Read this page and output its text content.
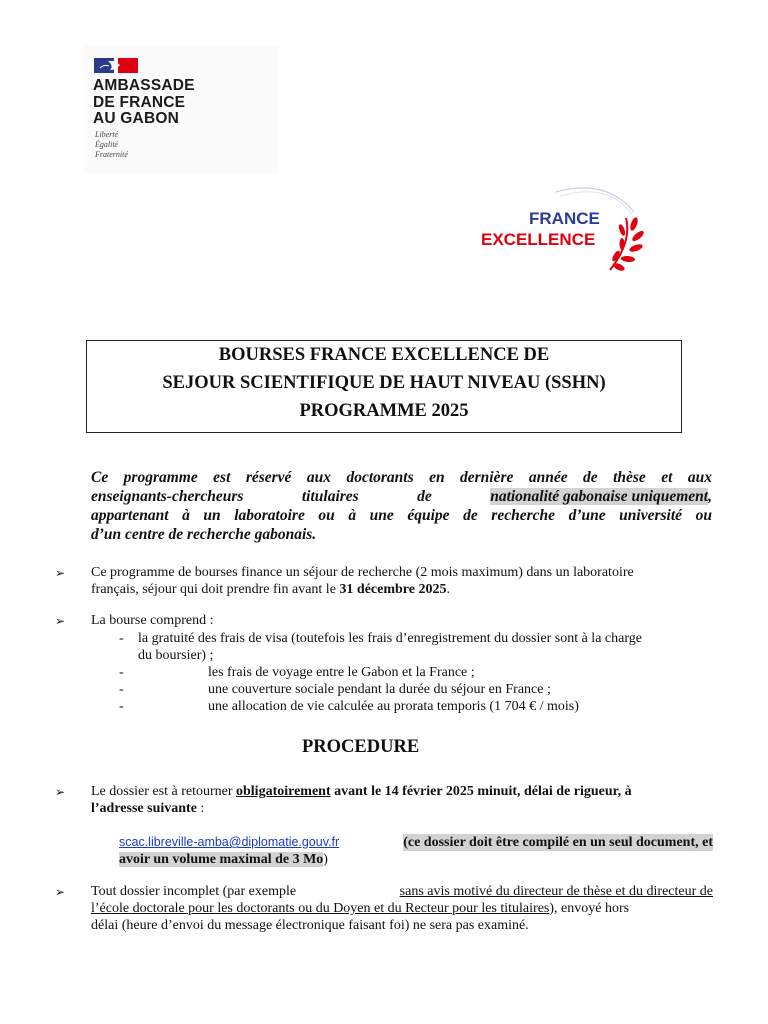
AMBASSADE
DE FRANCE
AU GABON
Liberté
Égalité
Fraternité
FRANCE
EXCELLENCE
BOURSES FRANCE EXCELLENCE DE
SEJOUR SCIENTIFIQUE DE HAUT NIVEAU (SSHN)
PROGRAMME 2025
Ce programme est réservé aux doctorants en dernière année de thèse et aux
enseignants-chercheurs	titulaires	de	nationalité gabonaise uniquement,
appartenant à un laboratoire ou à une équipe de recherche d’une université ou
d’un centre de recherche gabonais.
➢ Ce programme de bourses finance un séjour de recherche (2 mois maximum) dans un laboratoire
français, séjour qui doit prendre fin avant le 31 décembre 2025.
➢ La bourse comprend :
- la gratuité des frais de visa (toutefois les frais d’enregistrement du dossier sont à la charge
du boursier) ;
-	les frais de voyage entre le Gabon et la France ;
-	une couverture sociale pendant la durée du séjour en France ;
-	une allocation de vie calculée au prorata temporis (1 704 € / mois)
PROCEDURE
➢ Le dossier est à retourner obligatoirement avant le 14 février 2025 minuit, délai de rigueur, à
l’adresse suivante :
scac.libreville-amba@diplomatie.gouv.fr	(ce dossier doit être compilé en un seul document, et
avoir un volume maximal de 3 Mo)
➢ Tout dossier incomplet (par exemple	sans avis motivé du directeur de thèse et du directeur de
l’école doctorale pour les doctorants ou du Doyen et du Recteur pour les titulaires), envoyé hors
délai (heure d’envoi du message électronique faisant foi) ne sera pas examiné.
